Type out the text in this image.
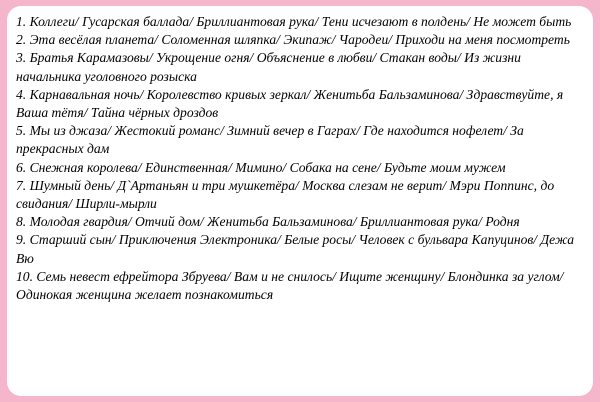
1. Коллеги/ Гусарская баллада/ Бриллиантовая рука/ Тени исчезают в полдень/ Не может быть
2. Эта весёлая планета/ Соломенная шляпка/ Экипаж/ Чародеи/ Приходи на меня посмотреть
3. Братья Карамазовы/ Укрощение огня/ Объяснение в любви/ Стакан воды/ Из жизни начальника уголовного розыска
4. Карнавальная ночь/ Королевство кривых зеркал/ Женитьба Бальзаминова/ Здравствуйте, я Ваша тётя/ Тайна чёрных дроздов
5. Мы из джаза/ Жестокий романс/ Зимний вечер в Гаграх/ Где находится нофелет/ За прекрасных дам
6. Снежная королева/ Единственная/ Мимино/ Собака на сене/ Будьте моим мужем
7. Шумный день/ Д`Артаньян и три мушкетёра/ Москва слезам не верит/ Мэри Поппинс, до свидания/ Ширли-мырли
8. Молодая гвардия/ Отчий дом/ Женитьба Бальзаминова/ Бриллиантовая рука/ Родня
9. Старший сын/ Приключения Электроника/ Белые росы/ Человек с бульвара Капуцинов/ Дежа Вю
10. Семь невест ефрейтора Збруева/ Вам и не снилось/ Ищите женщину/ Блондинка за углом/ Одинокая женщина желает познакомиться
